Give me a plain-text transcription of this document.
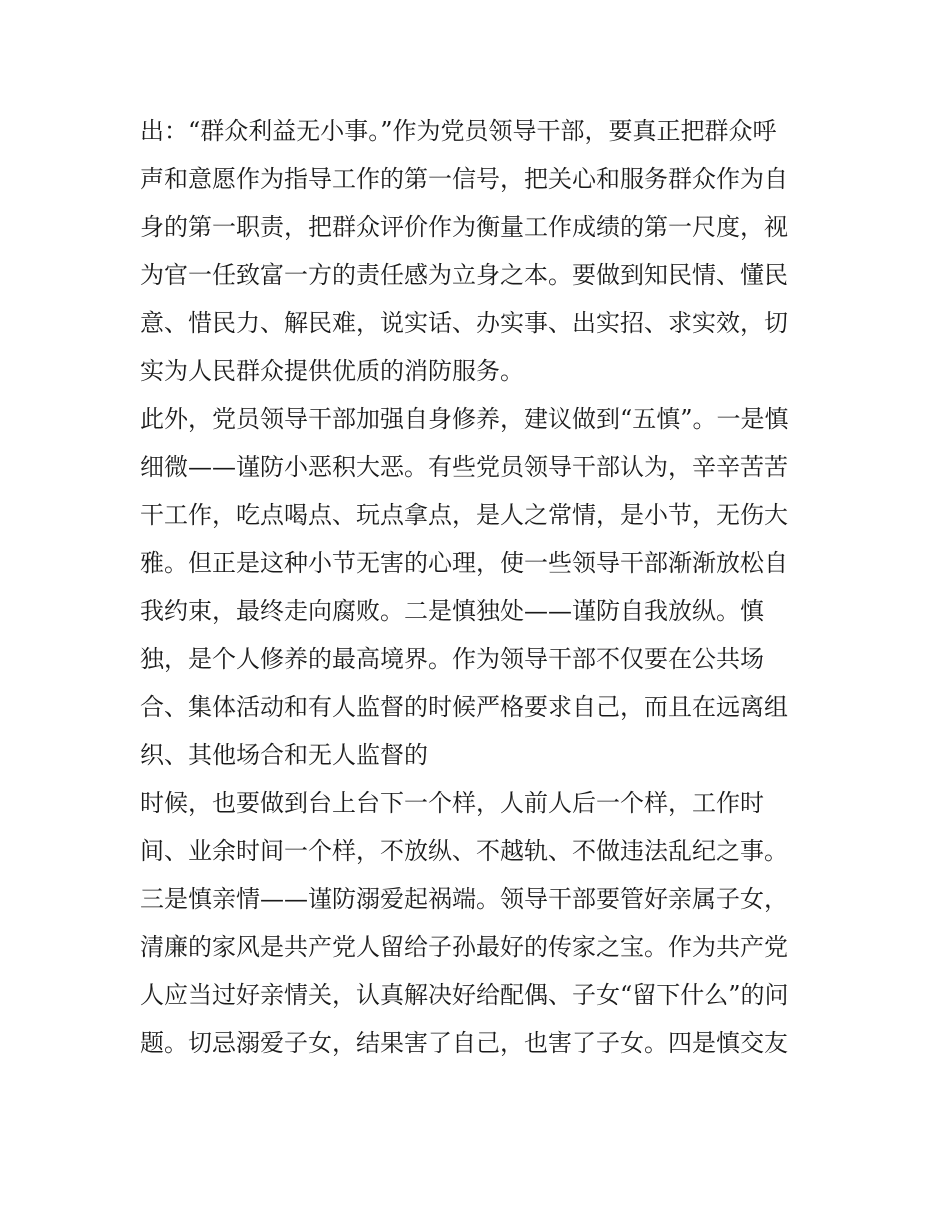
出：“群众利益无小事。”作为党员领导干部，要真正把群众呼
声和意愿作为指导工作的第一信号，把关心和服务群众作为自
身的第一职责，把群众评价作为衡量工作成绩的第一尺度，视
为官一任致富一方的责任感为立身之本。要做到知民情、懂民
意、惜民力、解民难，说实话、办实事、出实招、求实效，切
实为人民群众提供优质的消防服务。
此外，党员领导干部加强自身修养，建议做到“五慎”。一是慎
细微——谨防小恶积大恶。有些党员领导干部认为，辛辛苦苦
干工作，吃点喝点、玩点拿点，是人之常情，是小节，无伤大
雅。但正是这种小节无害的心理，使一些领导干部渐渐放松自
我约束，最终走向腐败。二是慎独处——谨防自我放纵。慎
独，是个人修养的最高境界。作为领导干部不仅要在公共场
合、集体活动和有人监督的时候严格要求自己，而且在远离组
织、其他场合和无人监督的
时候，也要做到台上台下一个样，人前人后一个样，工作时
间、业余时间一个样，不放纵、不越轨、不做违法乱纪之事。
三是慎亲情——谨防溺爱起祸端。领导干部要管好亲属子女，
清廉的家风是共产党人留给子孙最好的传家之宝。作为共产党
人应当过好亲情关，认真解决好给配偶、子女“留下什么”的问
题。切忌溺爱子女，结果害了自己，也害了子女。四是慎交友
